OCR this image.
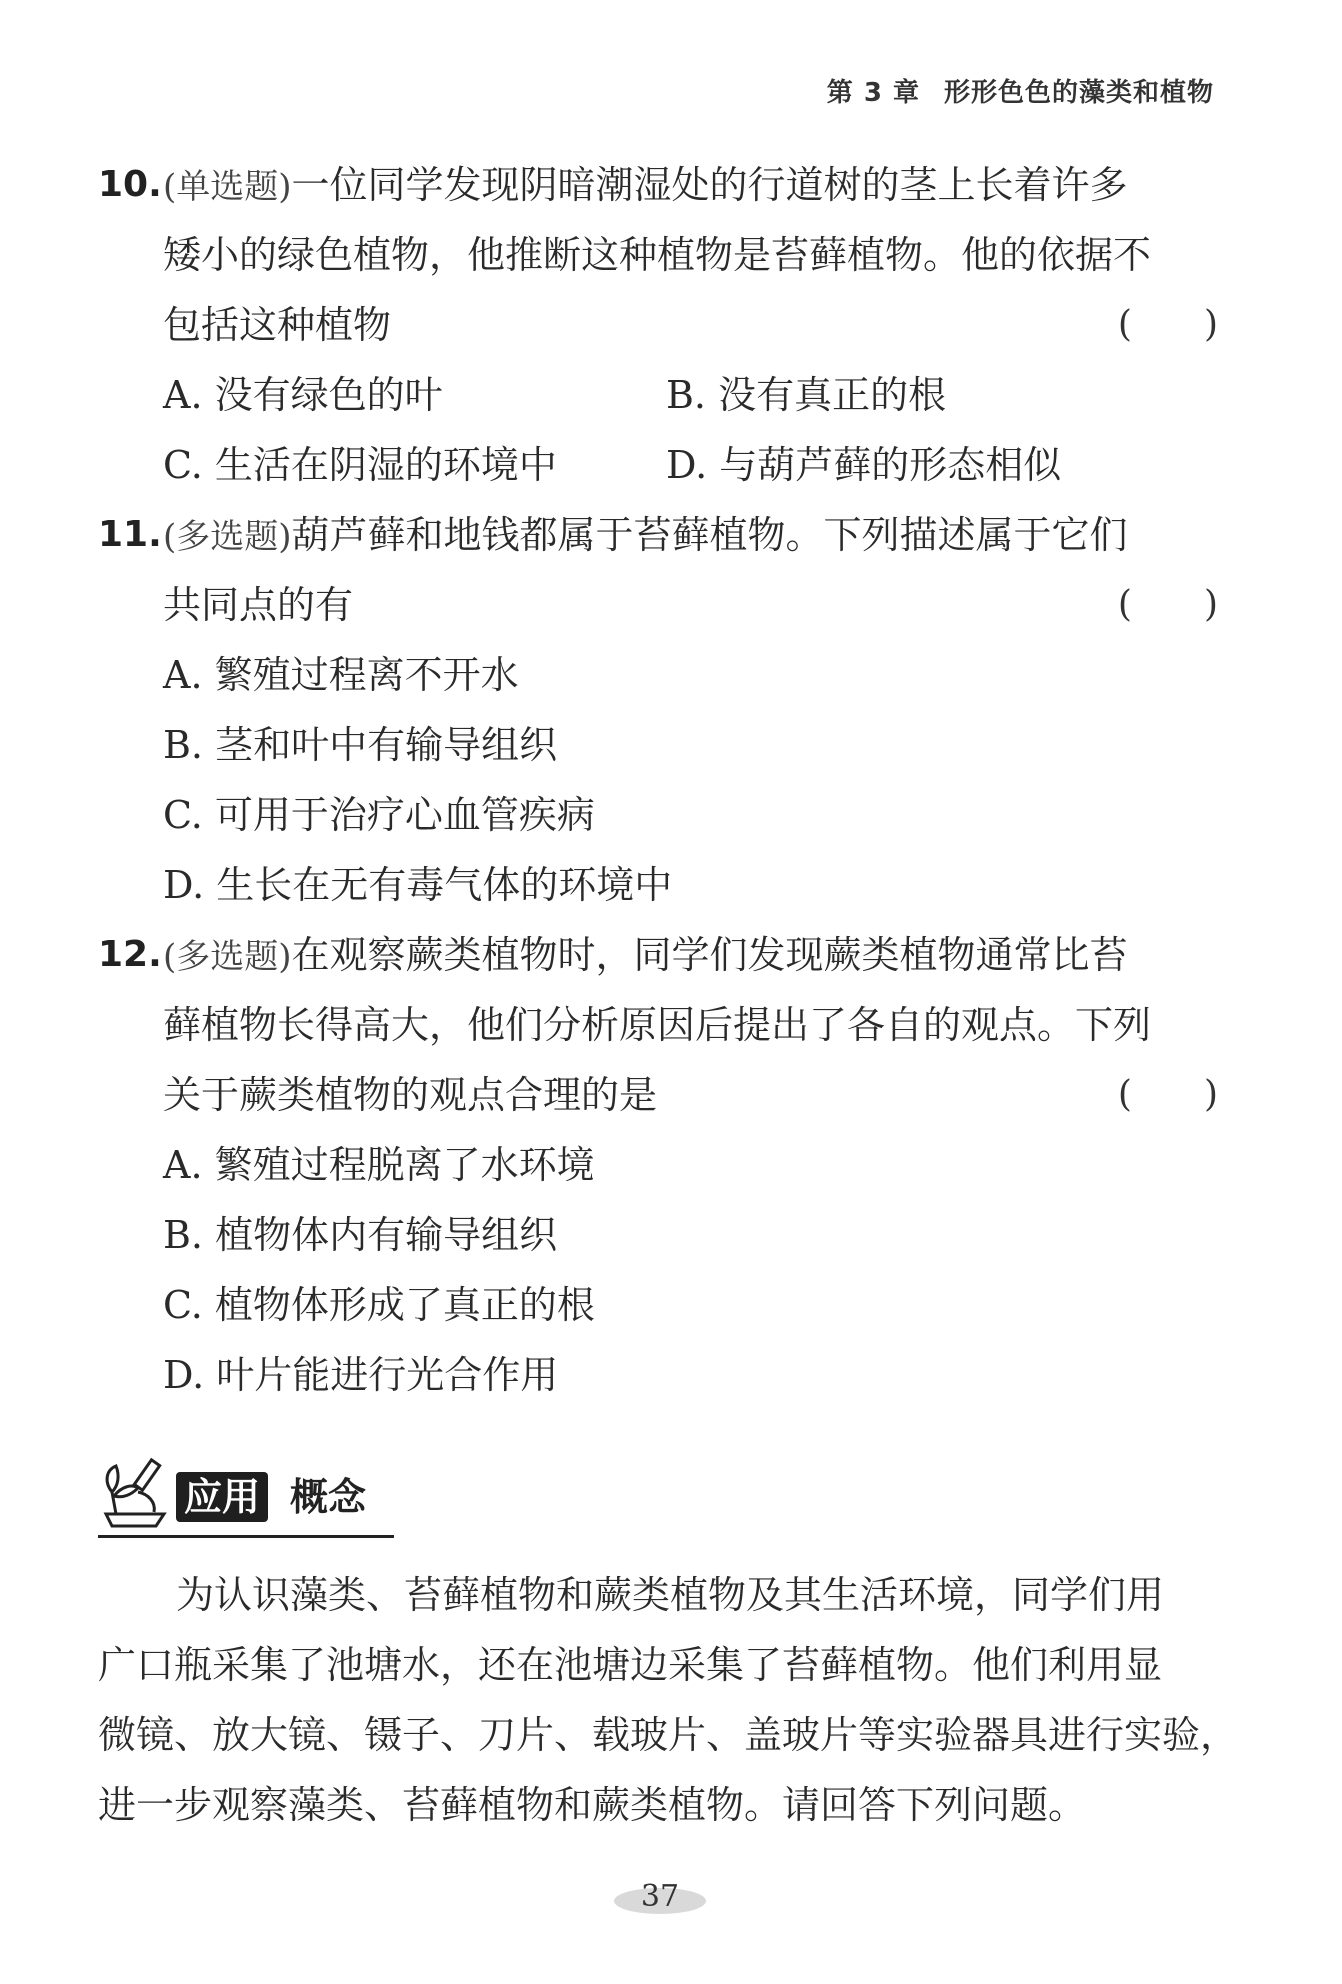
第 3 章 形形色色的藻类和植物
10. (单选题)一位同学发现阴暗潮湿处的行道树的茎上长着许多
矮小的绿色植物，他推断这种植物是苔藓植物。他的依据不
包括这种植物	(　　)
A. 没有绿色的叶	B. 没有真正的根
C. 生活在阴湿的环境中	D. 与葫芦藓的形态相似
11. (多选题)葫芦藓和地钱都属于苔藓植物。下列描述属于它们
共同点的有	(　　)
A. 繁殖过程离不开水
B. 茎和叶中有输导组织
C. 可用于治疗心血管疾病
D. 生长在无有毒气体的环境中
12. (多选题)在观察蕨类植物时，同学们发现蕨类植物通常比苔
藓植物长得高大，他们分析原因后提出了各自的观点。下列
关于蕨类植物的观点合理的是	(　　)
A. 繁殖过程脱离了水环境
B. 植物体内有输导组织
C. 植物体形成了真正的根
D. 叶片能进行光合作用
应用 概念
为认识藻类、苔藓植物和蕨类植物及其生活环境，同学们用
广口瓶采集了池塘水，还在池塘边采集了苔藓植物。他们利用显
微镜、放大镜、镊子、刀片、载玻片、盖玻片等实验器具进行实验，
进一步观察藻类、苔藓植物和蕨类植物。请回答下列问题。
37
